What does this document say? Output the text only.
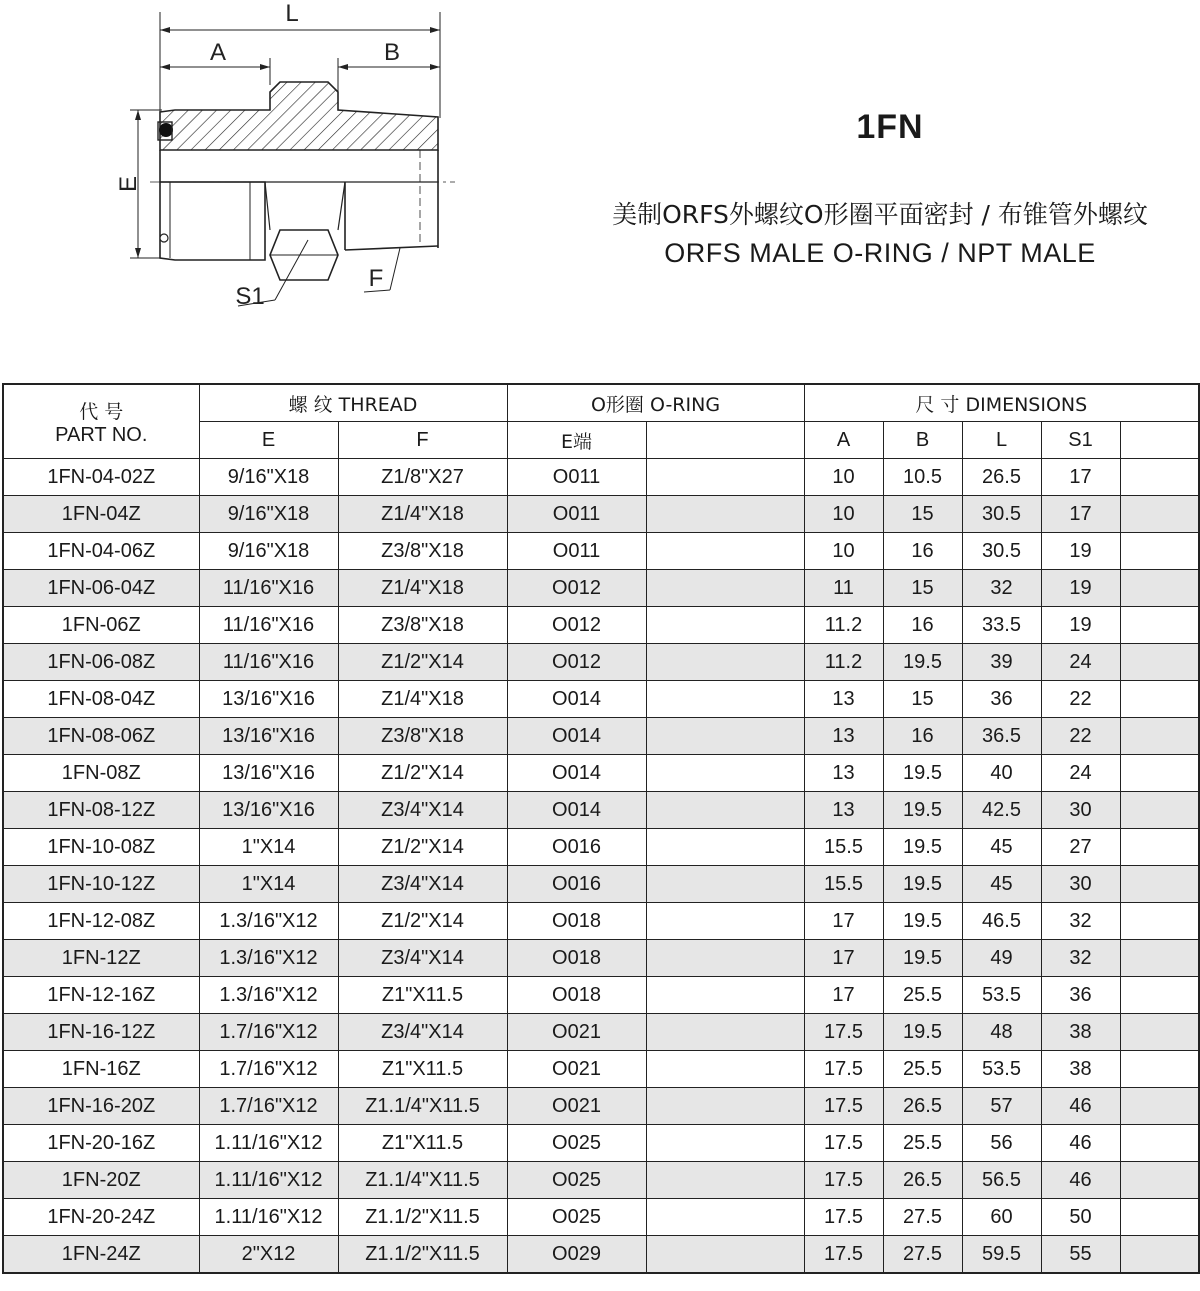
L
A	B
E
S1
F
1FN
美制ORFS外螺纹O形圈平面密封 / 布锥管外螺纹
ORFS MALE O-RING / NPT MALE
代 号
PART NO.	螺 纹 THREAD		O形圈 O-RING		尺 寸 DIMENSIONS				
	E	F	E端		A	B	L	S1	
1FN-04-02Z	9/16"X18	Z1/8"X27	O011		10	10.5	26.5	17	
1FN-04Z	9/16"X18	Z1/4"X18	O011		10	15	30.5	17	
1FN-04-06Z	9/16"X18	Z3/8"X18	O011		10	16	30.5	19	
1FN-06-04Z	11/16"X16	Z1/4"X18	O012		11	15	32	19	
1FN-06Z	11/16"X16	Z3/8"X18	O012		11.2	16	33.5	19	
1FN-06-08Z	11/16"X16	Z1/2"X14	O012		11.2	19.5	39	24	
1FN-08-04Z	13/16"X16	Z1/4"X18	O014		13	15	36	22	
1FN-08-06Z	13/16"X16	Z3/8"X18	O014		13	16	36.5	22	
1FN-08Z	13/16"X16	Z1/2"X14	O014		13	19.5	40	24	
1FN-08-12Z	13/16"X16	Z3/4"X14	O014		13	19.5	42.5	30	
1FN-10-08Z	1"X14	Z1/2"X14	O016		15.5	19.5	45	27	
1FN-10-12Z	1"X14	Z3/4"X14	O016		15.5	19.5	45	30	
1FN-12-08Z	1.3/16"X12	Z1/2"X14	O018		17	19.5	46.5	32	
1FN-12Z	1.3/16"X12	Z3/4"X14	O018		17	19.5	49	32	
1FN-12-16Z	1.3/16"X12	Z1"X11.5	O018		17	25.5	53.5	36	
1FN-16-12Z	1.7/16"X12	Z3/4"X14	O021		17.5	19.5	48	38	
1FN-16Z	1.7/16"X12	Z1"X11.5	O021		17.5	25.5	53.5	38	
1FN-16-20Z	1.7/16"X12	Z1.1/4"X11.5	O021		17.5	26.5	57	46	
1FN-20-16Z	1.11/16"X12	Z1"X11.5	O025		17.5	25.5	56	46	
1FN-20Z	1.11/16"X12	Z1.1/4"X11.5	O025		17.5	26.5	56.5	46	
1FN-20-24Z	1.11/16"X12	Z1.1/2"X11.5	O025		17.5	27.5	60	50	
1FN-24Z	2"X12	Z1.1/2"X11.5	O029		17.5	27.5	59.5	55	
